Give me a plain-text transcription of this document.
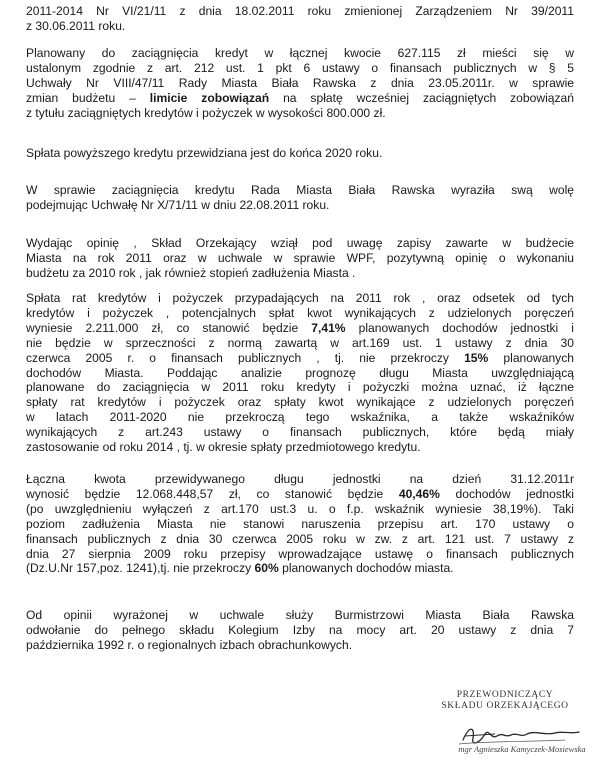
2011-2014 Nr VI/21/11 z dnia 18.02.2011 roku zmienionej Zarządzeniem Nr 39/2011
z 30.06.2011 roku.
Planowany do zaciągnięcia kredyt w łącznej kwocie 627.115 zł mieści się w
ustalonym zgodnie z art. 212 ust. 1 pkt 6 ustawy o finansach publicznych w § 5
Uchwały Nr VIII/47/11 Rady Miasta Biała Rawska z dnia 23.05.2011r. w sprawie
zmian budżetu – limicie zobowiązań na spłatę wcześniej zaciągniętych zobowiązań
z tytułu zaciągniętych kredytów i pożyczek w wysokości 800.000 zł.
Spłata powyższego kredytu przewidziana jest do końca 2020 roku.
W sprawie zaciągnięcia kredytu Rada Miasta Biała Rawska wyraziła swą wolę
podejmując Uchwałę Nr X/71/11 w dniu 22.08.2011 roku.
Wydając opinię , Skład Orzekający wziął pod uwagę zapisy zawarte w budżecie
Miasta na rok 2011 oraz w uchwale w sprawie WPF, pozytywną opinię o wykonaniu
budżetu za 2010 rok , jak również stopień zadłużenia Miasta .
Spłata rat kredytów i pożyczek przypadających na 2011 rok , oraz odsetek od tych
kredytów i pożyczek , potencjalnych spłat kwot wynikających z udzielonych poręczeń
wyniesie 2.211.000 zł, co stanowić będzie 7,41% planowanych dochodów jednostki i
nie będzie w sprzeczności z normą zawartą w art.169 ust. 1 ustawy z dnia 30
czerwca 2005 r. o finansach publicznych , tj. nie przekroczy 15% planowanych
dochodów Miasta. Poddając analizie prognozę długu Miasta uwzględniającą
planowane do zaciągnięcia w 2011 roku kredyty i pożyczki można uznać, iż łączne
spłaty rat kredytów i pożyczek oraz spłaty kwot wynikające z udzielonych poręczeń
w latach 2011-2020 nie przekroczą tego wskaźnika, a także wskaźników
wynikających z art.243 ustawy o finansach publicznych, które będą miały
zastosowanie od roku 2014 , tj. w okresie spłaty przedmiotowego kredytu.
Łączna kwota przewidywanego długu jednostki na dzień 31.12.2011r
wynosić będzie 12.068.448,57 zł, co stanowić będzie 40,46% dochodów jednostki
(po uwzględnieniu wyłączeń z art.170 ust.3 u. o f.p. wskaźnik wyniesie 38,19%). Taki
poziom zadłużenia Miasta nie stanowi naruszenia przepisu art. 170 ustawy o
finansach publicznych z dnia 30 czerwca 2005 roku w zw. z art. 121 ust. 7 ustawy z
dnia 27 sierpnia 2009 roku przepisy wprowadzające ustawę o finansach publicznych
(Dz.U.Nr 157,poz. 1241),tj. nie przekroczy 60% planowanych dochodów miasta.
Od opinii wyrażonej w uchwale służy Burmistrzowi Miasta Biała Rawska
odwołanie do pełnego składu Kolegium Izby na mocy art. 20 ustawy z dnia 7
października 1992 r. o regionalnych izbach obrachunkowych.
PRZEWODNICZĄCY
SKŁADU ORZEKAJĄCEGO
mgr Agnieszka Kamyczek-Mosiewska
